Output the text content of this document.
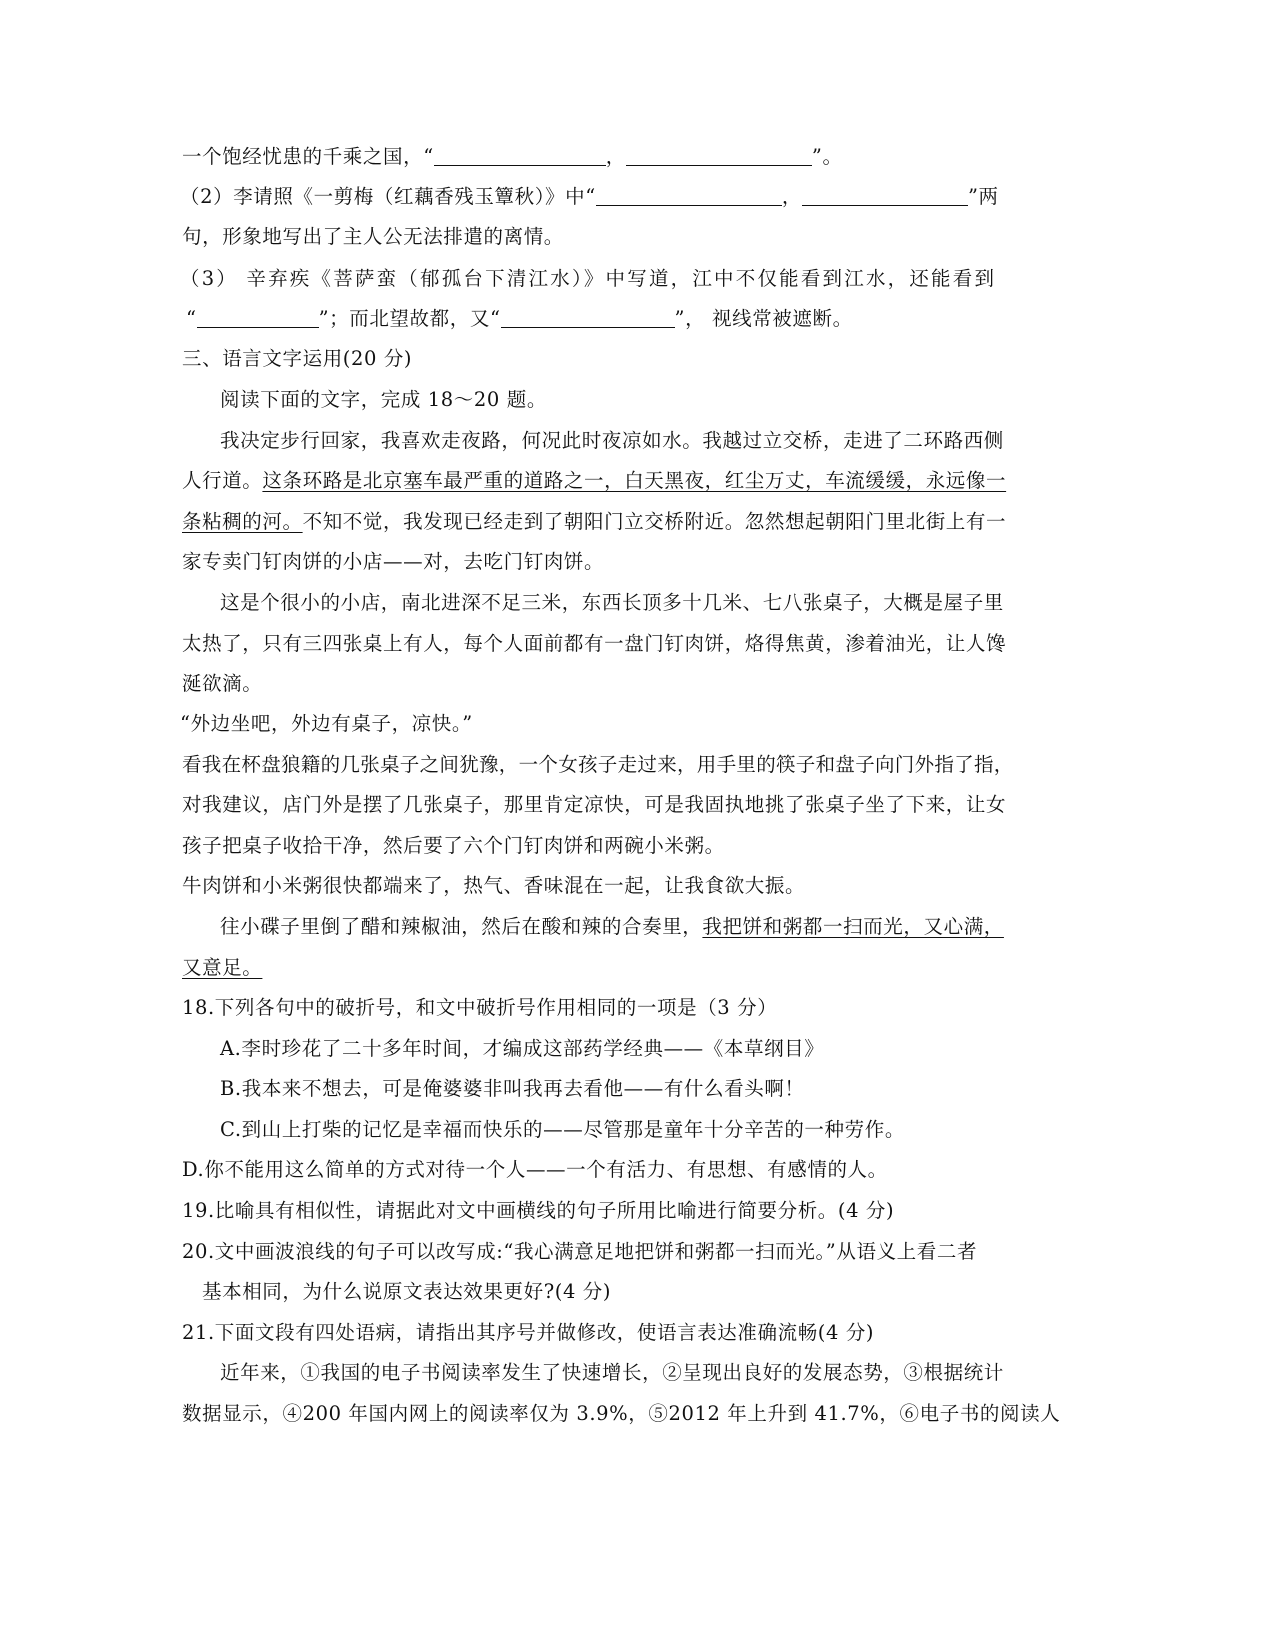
一个饱经忧患的千乘之国，“	，	”。
（2）李请照《一剪梅（红藕香残玉簟秋）》中“	，	”两
句，形象地写出了主人公无法排遣的离情。
（3） 辛弃疾《菩萨蛮（郁孤台下清江水）》中写道，江中不仅能看到江水，还能看到
“	”；而北望故都，又“	”， 视线常被遮断。
三、语言文字运用(20 分)
阅读下面的文字，完成 18～20 题。
我决定步行回家，我喜欢走夜路，何况此时夜凉如水。我越过立交桥，走进了二环路西侧
人行道。这条环路是北京塞车最严重的道路之一，白天黑夜，红尘万丈，车流缓缓，永远像一
条粘稠的河。不知不觉，我发现已经走到了朝阳门立交桥附近。忽然想起朝阳门里北街上有一
家专卖门钉肉饼的小店——对，去吃门钉肉饼。
这是个很小的小店，南北进深不足三米，东西长顶多十几米、七八张桌子，大概是屋子里
太热了，只有三四张桌上有人，每个人面前都有一盘门钉肉饼，烙得焦黄，渗着油光，让人馋
涎欲滴。
“外边坐吧，外边有桌子，凉快。”
看我在杯盘狼籍的几张桌子之间犹豫，一个女孩子走过来，用手里的筷子和盘子向门外指了指，
对我建议，店门外是摆了几张桌子，那里肯定凉快，可是我固执地挑了张桌子坐了下来，让女
孩子把桌子收拾干净，然后要了六个门钉肉饼和两碗小米粥。
牛肉饼和小米粥很快都端来了，热气、香味混在一起，让我食欲大振。
往小碟子里倒了醋和辣椒油，然后在酸和辣的合奏里，我把饼和粥都一扫而光，又心满，
又意足。
18.下列各句中的破折号，和文中破折号作用相同的一项是（3 分）
A.李时珍花了二十多年时间，才编成这部药学经典——《本草纲目》
B.我本来不想去，可是俺婆婆非叫我再去看他——有什么看头啊！
C.到山上打柴的记忆是幸福而快乐的——尽管那是童年十分辛苦的一种劳作。
D.你不能用这么简单的方式对待一个人——一个有活力、有思想、有感情的人。
19.比喻具有相似性，请据此对文中画横线的句子所用比喻进行简要分析。(4 分)
20.文中画波浪线的句子可以改写成:“我心满意足地把饼和粥都一扫而光。”从语义上看二者
基本相同，为什么说原文表达效果更好?(4 分)
21.下面文段有四处语病，请指出其序号并做修改，使语言表达准确流畅(4 分)
近年来，①我国的电子书阅读率发生了快速增长，②呈现出良好的发展态势，③根据统计
数据显示，④200 年国内网上的阅读率仅为 3.9%，⑤2012 年上升到 41.7%，⑥电子书的阅读人
